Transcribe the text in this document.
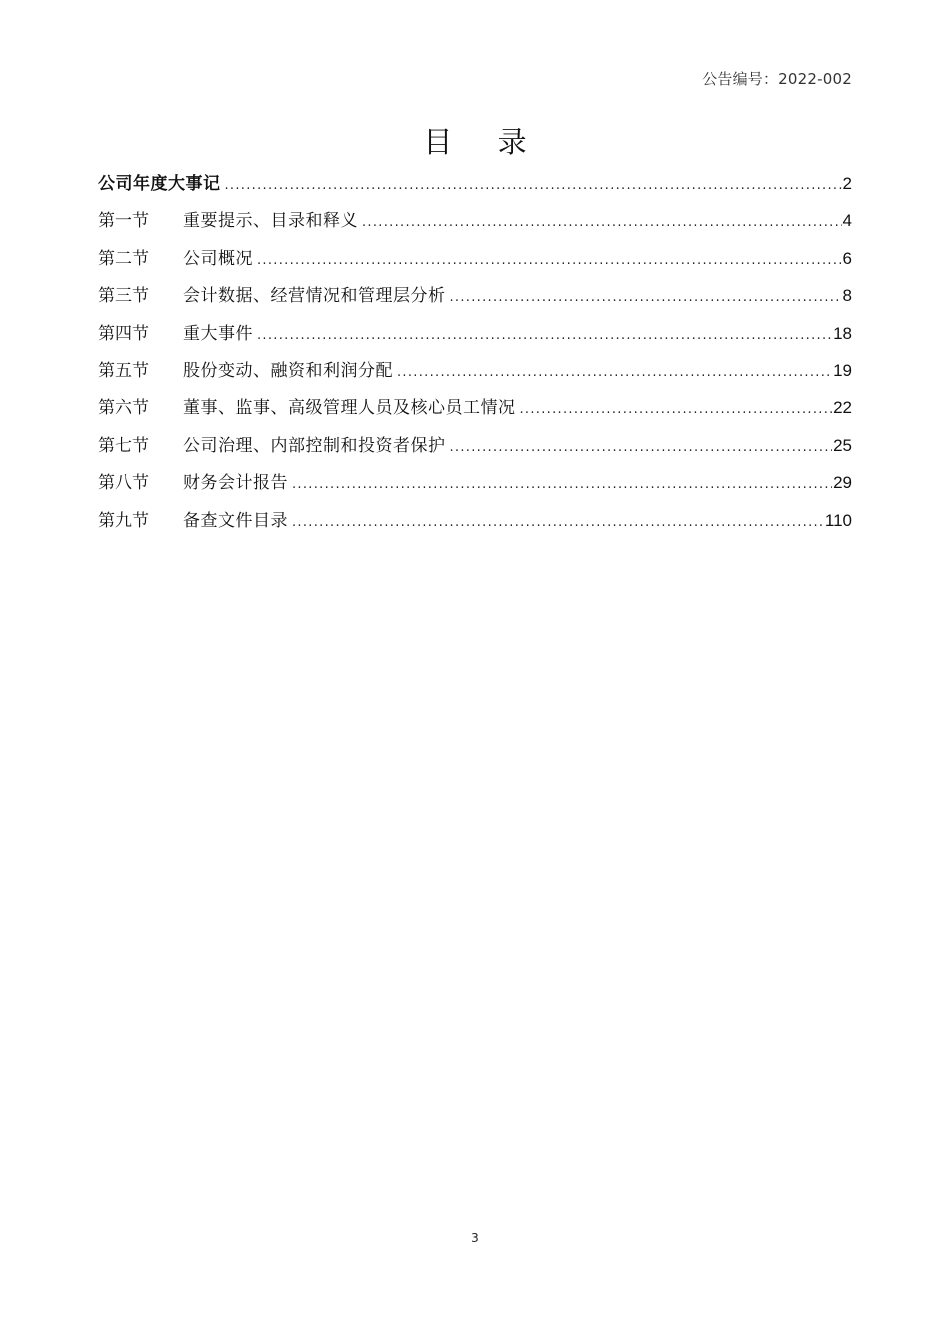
公告编号：2022-002
目 录
公司年度大事记 .....	2
第一节	重要提示、目录和释义 .....	4
第二节	公司概况 .....	6
第三节	会计数据、经营情况和管理层分析 .....	8
第四节	重大事件 .....	18
第五节	股份变动、融资和利润分配 .....	19
第六节	董事、监事、高级管理人员及核心员工情况 .....	22
第七节	公司治理、内部控制和投资者保护 .....	25
第八节	财务会计报告 .....	29
第九节	备查文件目录 .....	110
3
